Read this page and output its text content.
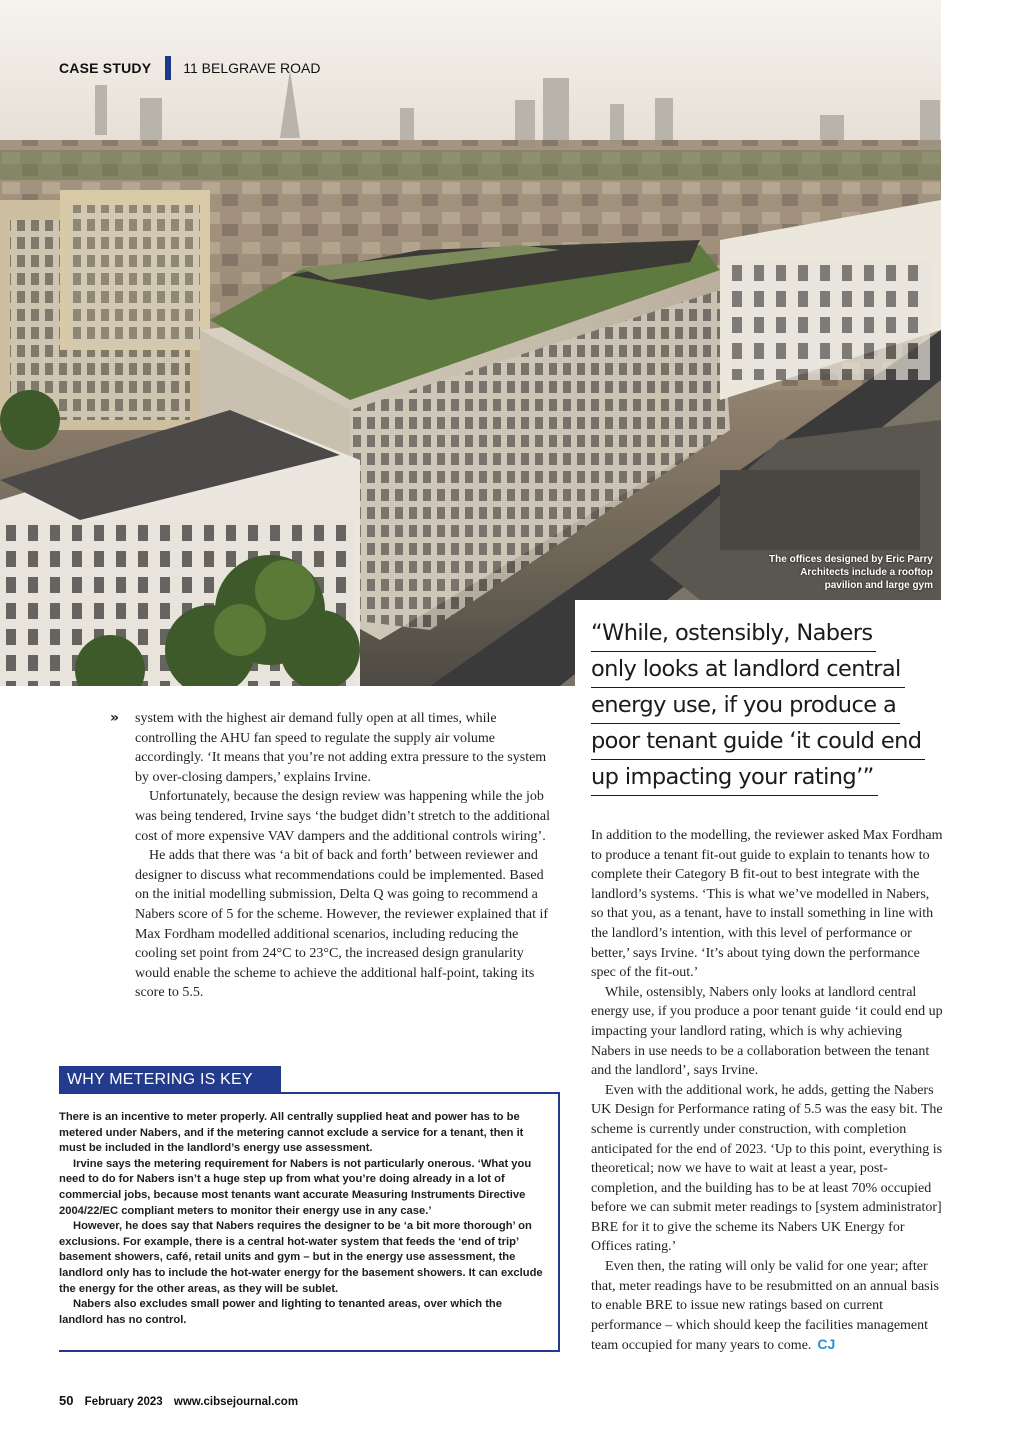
CASE STUDY 11 BELGRAVE ROAD
The offices designed by Eric Parry Architects include a rooftop pavilion and large gym
“While, ostensibly, Nabers
only looks at landlord central
energy use, if you produce a
poor tenant guide ‘it could end
up impacting your rating’”
» system with the highest air demand fully open at all times, while controlling the AHU fan speed to regulate the supply air volume accordingly. ‘It means that you’re not adding extra pressure to the system by over-closing dampers,’ explains Irvine.

Unfortunately, because the design review was happening while the job was being tendered, Irvine says ‘the budget didn’t stretch to the additional cost of more expensive VAV dampers and the additional controls wiring’.

He adds that there was ‘a bit of back and forth’ between reviewer and designer to discuss what recommendations could be implemented. Based on the initial modelling submission, Delta Q was going to recommend a Nabers score of 5 for the scheme. However, the reviewer explained that if Max Fordham modelled additional scenarios, including reducing the cooling set point from 24°C to 23°C, the increased design granularity would enable the scheme to achieve the additional half-point, taking its score to 5.5.

WHY METERING IS KEY

There is an incentive to meter properly. All centrally supplied heat and power has to be metered under Nabers, and if the metering cannot exclude a service for a tenant, then it must be included in the landlord’s energy use assessment.

Irvine says the metering requirement for Nabers is not particularly onerous. ‘What you need to do for Nabers isn’t a huge step up from what you’re doing already in a lot of commercial jobs, because most tenants want accurate Measuring Instruments Directive 2004/22/EC compliant meters to monitor their energy use in any case.’

However, he does say that Nabers requires the designer to be ‘a bit more thorough’ on exclusions. For example, there is a central hot-water system that feeds the ‘end of trip’ basement showers, café, retail units and gym – but in the energy use assessment, the landlord only has to include the hot-water energy for the basement showers. It can exclude the energy for the other areas, as they will be sublet.

Nabers also excludes small power and lighting to tenanted areas, over which the landlord has no control.

In addition to the modelling, the reviewer asked Max Fordham to produce a tenant fit-out guide to explain to tenants how to complete their Category B fit-out to best integrate with the landlord’s systems. ‘This is what we’ve modelled in Nabers, so that you, as a tenant, have to install something in line with the landlord’s intention, with this level of performance or better,’ says Irvine. ‘It’s about tying down the performance spec of the fit-out.’

While, ostensibly, Nabers only looks at landlord central energy use, if you produce a poor tenant guide ‘it could end up impacting your landlord rating, which is why achieving Nabers in use needs to be a collaboration between the tenant and the landlord’, says Irvine.

Even with the additional work, he adds, getting the Nabers UK Design for Performance rating of 5.5 was the easy bit. The scheme is currently under construction, with completion anticipated for the end of 2023. ‘Up to this point, everything is theoretical; now we have to wait at least a year, post-completion, and the building has to be at least 70% occupied before we can submit meter readings to [system administrator] BRE for it to give the scheme its Nabers UK Energy for Offices rating.’

Even then, the rating will only be valid for one year; after that, meter readings have to be resubmitted on an annual basis to enable BRE to issue new ratings based on current performance – which should keep the facilities management team occupied for many years to come. CJ

50 February 2023 www.cibsejournal.com
